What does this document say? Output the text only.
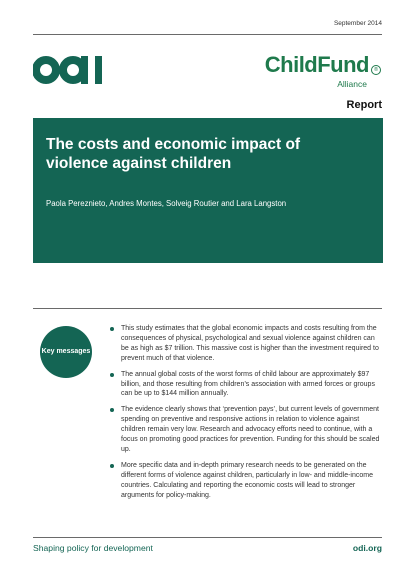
September 2014
ChildFund ®
Alliance
Report
The costs and economic impact of violence against children
Paola Pereznieto, Andres Montes, Solveig Routier and Lara Langston
Key messages
This study estimates that the global economic impacts and costs resulting from the consequences of physical, psychological and sexual violence against children can be as high as $7 trillion. This massive cost is higher than the investment required to prevent much of that violence.
The annual global costs of the worst forms of child labour are approximately $97 billion, and those resulting from children’s association with armed forces or groups can be up to $144 million annually.
The evidence clearly shows that ‘prevention pays’, but current levels of government spending on preventive and responsive actions in relation to violence against children remain very low. Research and advocacy efforts need to continue, with a focus on promoting good practices for prevention. Funding for this should be scaled up.
More specific data and in-depth primary research needs to be generated on the different forms of violence against children, particularly in low- and middle-income countries. Calculating and reporting the economic costs will lead to stronger arguments for policy-making.
Shaping policy for development	odi.org
